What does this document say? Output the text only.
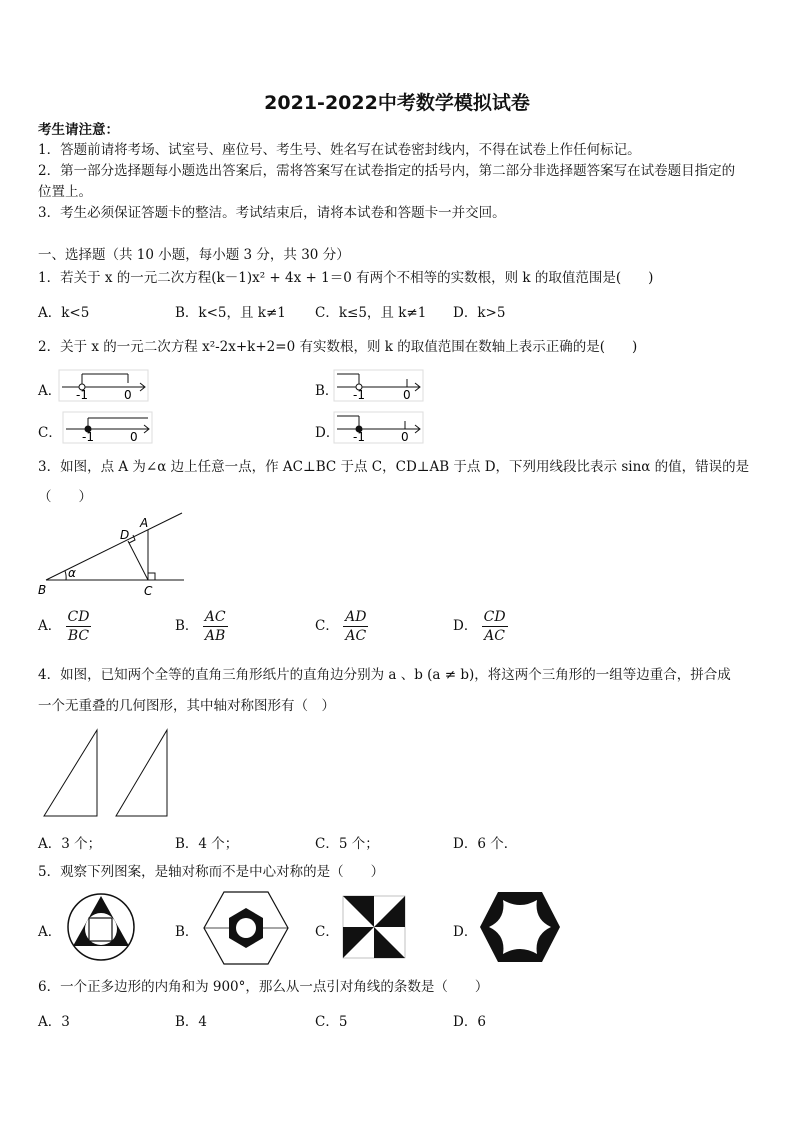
2021-2022中考数学模拟试卷
考生请注意：
1．答题前请将考场、试室号、座位号、考生号、姓名写在试卷密封线内，不得在试卷上作任何标记。
2．第一部分选择题每小题选出答案后，需将答案写在试卷指定的括号内，第二部分非选择题答案写在试卷题目指定的
位置上。
3．考生必须保证答题卡的整洁。考试结束后，请将本试卷和答题卡一并交回。
一、选择题（共 10 小题，每小题 3 分，共 30 分）
1．若关于 x 的一元二次方程(k－1)x² + 4x + 1＝0 有两个不相等的实数根，则 k 的取值范围是(　　)
A．k<5	B．k<5，且 k≠1 C．k≤5，且 k≠1 D．k>5
2．关于 x 的一元二次方程 x²-2x+k+2=0 有实数根，则 k 的取值范围在数轴上表示正确的是(　　)
A． -1	0	B． -1	0
C． -1	0	D． -1	0
3．如图，点 A 为∠α 边上任意一点，作 AC⊥BC 于点 C，CD⊥AB 于点 D，下列用线段比表示 sinα 的值，错误的是
（　　）
B	C
D
A
α
A． $\frac{CD}{BC}$	B． $\frac{AC}{AB}$	C． $\frac{AD}{AC}$	D． $\frac{CD}{AC}$
4．如图，已知两个全等的直角三角形纸片的直角边分别为 a 、b (a ≠ b)，将这两个三角形的一组等边重合，拼合成
一个无重叠的几何图形，其中轴对称图形有（　）
A．3 个；	B．4 个；	C．5 个；	D．6 个．
5．观察下列图案，是轴对称而不是中心对称的是（　　）
A．	B．	C．	D．
6．一个正多边形的内角和为 900°，那么从一点引对角线的条数是（　　）
A．3	B．4	C．5	D．6
